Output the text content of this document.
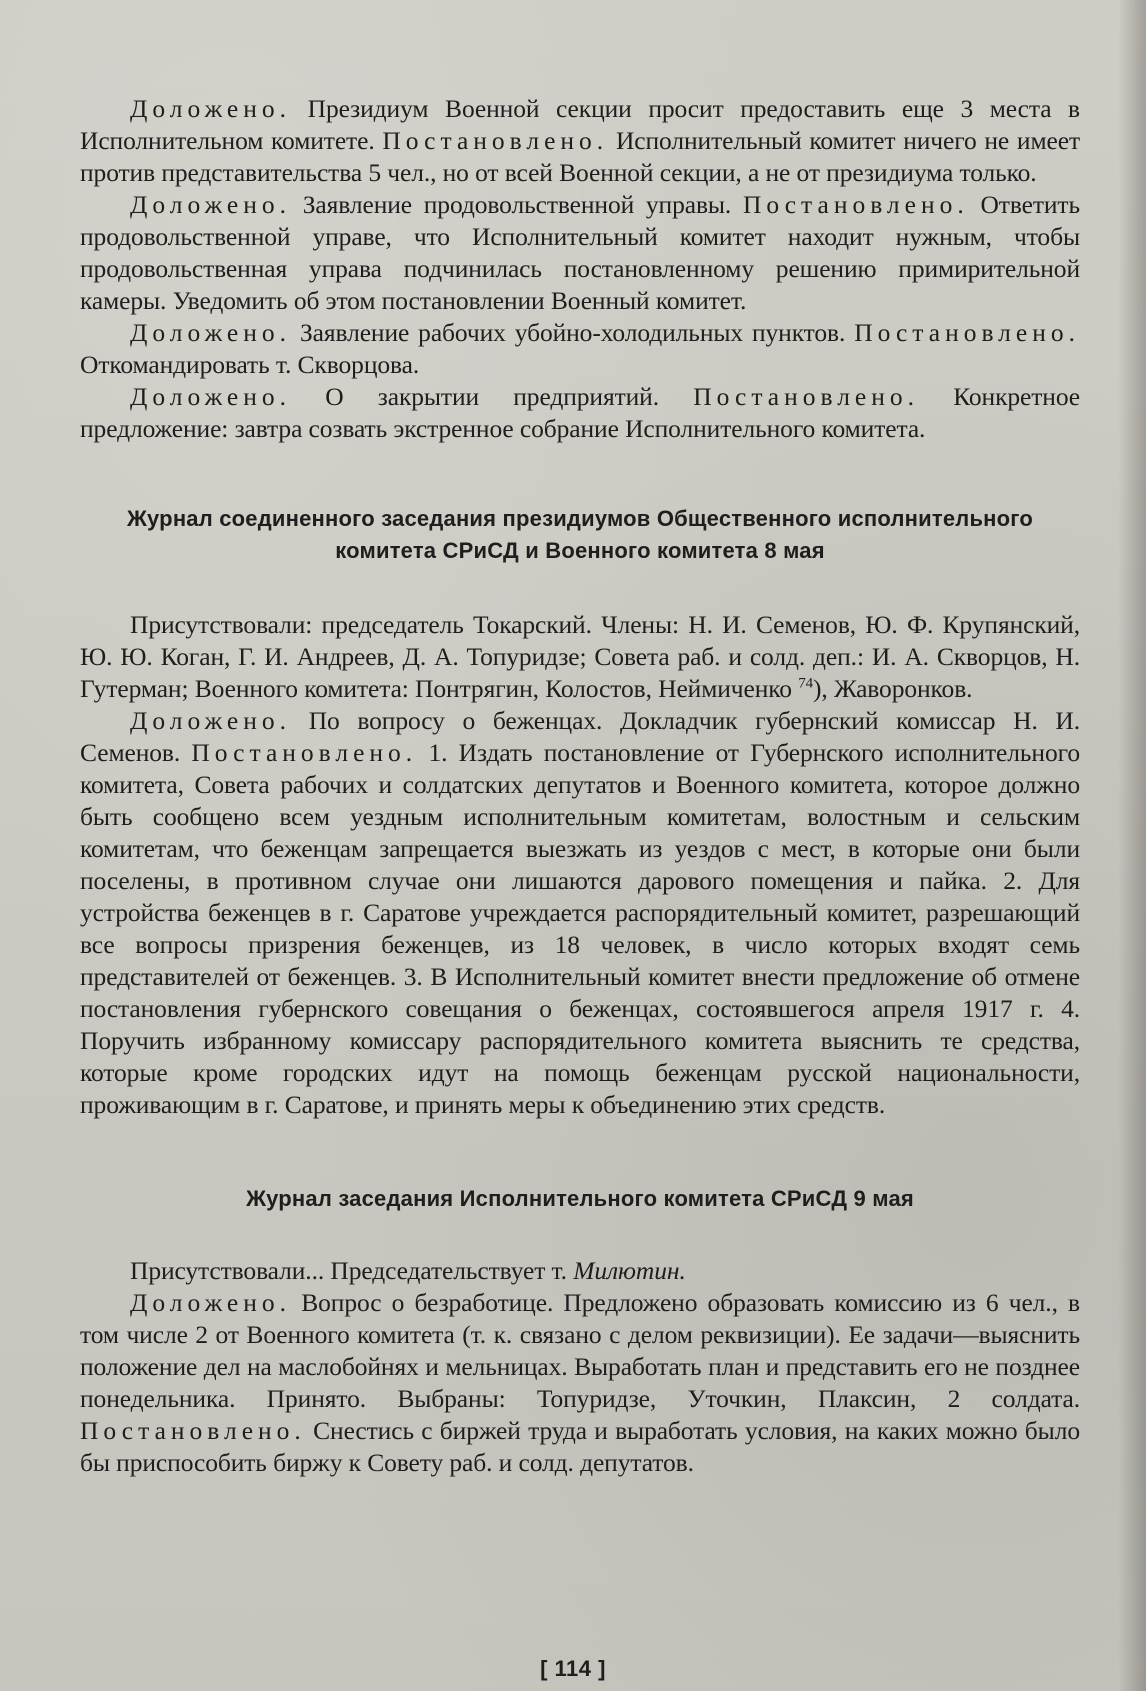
Доложено. Президиум Военной секции просит предоставить еще 3 места в Исполнительном комитете. Постановлено. Исполнительный комитет ничего не имеет против представительства 5 чел., но от всей Военной секции, а не от президиума только.

Доложено. Заявление продовольственной управы. Постановлено. Ответить продовольственной управе, что Исполнительный комитет находит нужным, чтобы продовольственная управа подчинилась постановленному решению примирительной камеры. Уведомить об этом постановлении Военный комитет.

Доложено. Заявление рабочих убойно-холодильных пунктов. Постановлено. Откомандировать т. Скворцова.

Доложено. О закрытии предприятий. Постановлено. Конкретное предложение: завтра созвать экстренное собрание Исполнительного комитета.

Журнал соединенного заседания президиумов Общественного исполнительного
комитета СРиСД и Военного комитета 8 мая

Присутствовали: председатель Токарский. Члены: Н. И. Семенов, Ю. Ф. Крупянский, Ю. Ю. Коган, Г. И. Андреев, Д. А. Топуридзе; Совета раб. и солд. деп.: И. А. Скворцов, Н. Гутерман; Военного комитета: Понтрягин, Колостов, Неймиченко $^{74}$), Жаворонков.

Доложено. По вопросу о беженцах. Докладчик губернский комиссар Н. И. Семенов. Постановлено. 1. Издать постановление от Губернского исполнительного комитета, Совета рабочих и солдатских депутатов и Военного комитета, которое должно быть сообщено всем уездным исполнительным комитетам, волостным и сельским комитетам, что беженцам запрещается выезжать из уездов с мест, в которые они были поселены, в противном случае они лишаются дарового помещения и пайка. 2. Для устройства беженцев в г. Саратове учреждается распорядительный комитет, разрешающий все вопросы призрения беженцев, из 18 человек, в число которых входят семь представителей от беженцев. 3. В Исполнительный комитет внести предложение об отмене постановления губернского совещания о беженцах, состоявшегося апреля 1917 г. 4. Поручить избранному комиссару распорядительного комитета выяснить те средства, которые кроме городских идут на помощь беженцам русской национальности, проживающим в г. Саратове, и принять меры к объединению этих средств.

Журнал заседания Исполнительного комитета СРиСД 9 мая

Присутствовали... Председательствует т. Милютин.

Доложено. Вопрос о безработице. Предложено образовать комиссию из 6 чел., в том числе 2 от Военного комитета (т. к. связано с делом реквизиции). Ее задачи—выяснить положение дел на маслобойнях и мельницах. Выработать план и представить его не позднее понедельника. Принято. Выбраны: Топуридзе, Уточкин, Плаксин, 2 солдата. Постановлено. Снестись с биржей труда и выработать условия, на каких можно было бы приспособить биржу к Совету раб. и солд. депутатов.

[ 114 ]
